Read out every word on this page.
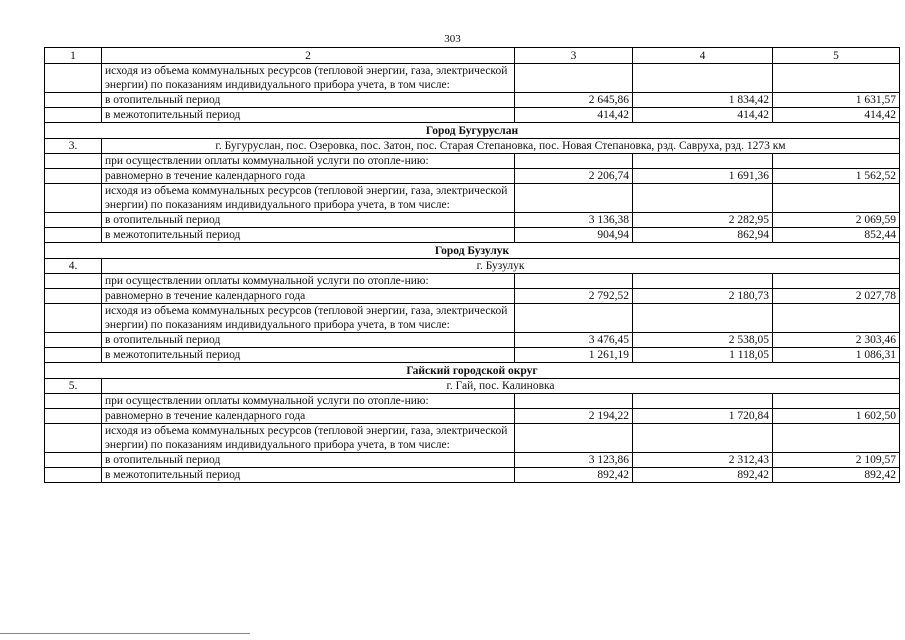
303
1	2	3	4	5
	исходя из объема коммунальных ресурсов (тепловой энергии, газа, электрической энергии) по показаниям индивидуального прибора учета, в том числе:			
	в отопительный период	2 645,86	1 834,42	1 631,57
	в межотопительный период	414,42	414,42	414,42
Город Бугуруслан				
3.	г. Бугуруслан, пос. Озеровка, пос. Затон, пос. Старая Степановка, пос. Новая Степановка, рзд. Савруха, рзд. 1273 км			
	при осуществлении оплаты коммунальной услуги по отопле-нию:			
	равномерно в течение календарного года	2 206,74	1 691,36	1 562,52
	исходя из объема коммунальных ресурсов (тепловой энергии, газа, электрической энергии) по показаниям индивидуального прибора учета, в том числе:			
	в отопительный период	3 136,38	2 282,95	2 069,59
	в межотопительный период	904,94	862,94	852,44
Город Бузулук				
4.	г. Бузулук			
	при осуществлении оплаты коммунальной услуги по отопле-нию:			
	равномерно в течение календарного года	2 792,52	2 180,73	2 027,78
	исходя из объема коммунальных ресурсов (тепловой энергии, газа, электрической энергии) по показаниям индивидуального прибора учета, в том числе:			
	в отопительный период	3 476,45	2 538,05	2 303,46
	в межотопительный период	1 261,19	1 118,05	1 086,31
Гайский городской округ				
5.	г. Гай, пос. Калиновка			
	при осуществлении оплаты коммунальной услуги по отопле-нию:			
	равномерно в течение календарного года	2 194,22	1 720,84	1 602,50
	исходя из объема коммунальных ресурсов (тепловой энергии, газа, электрической энергии) по показаниям индивидуального прибора учета, в том числе:			
	в отопительный период	3 123,86	2 312,43	2 109,57
	в межотопительный период	892,42	892,42	892,42
